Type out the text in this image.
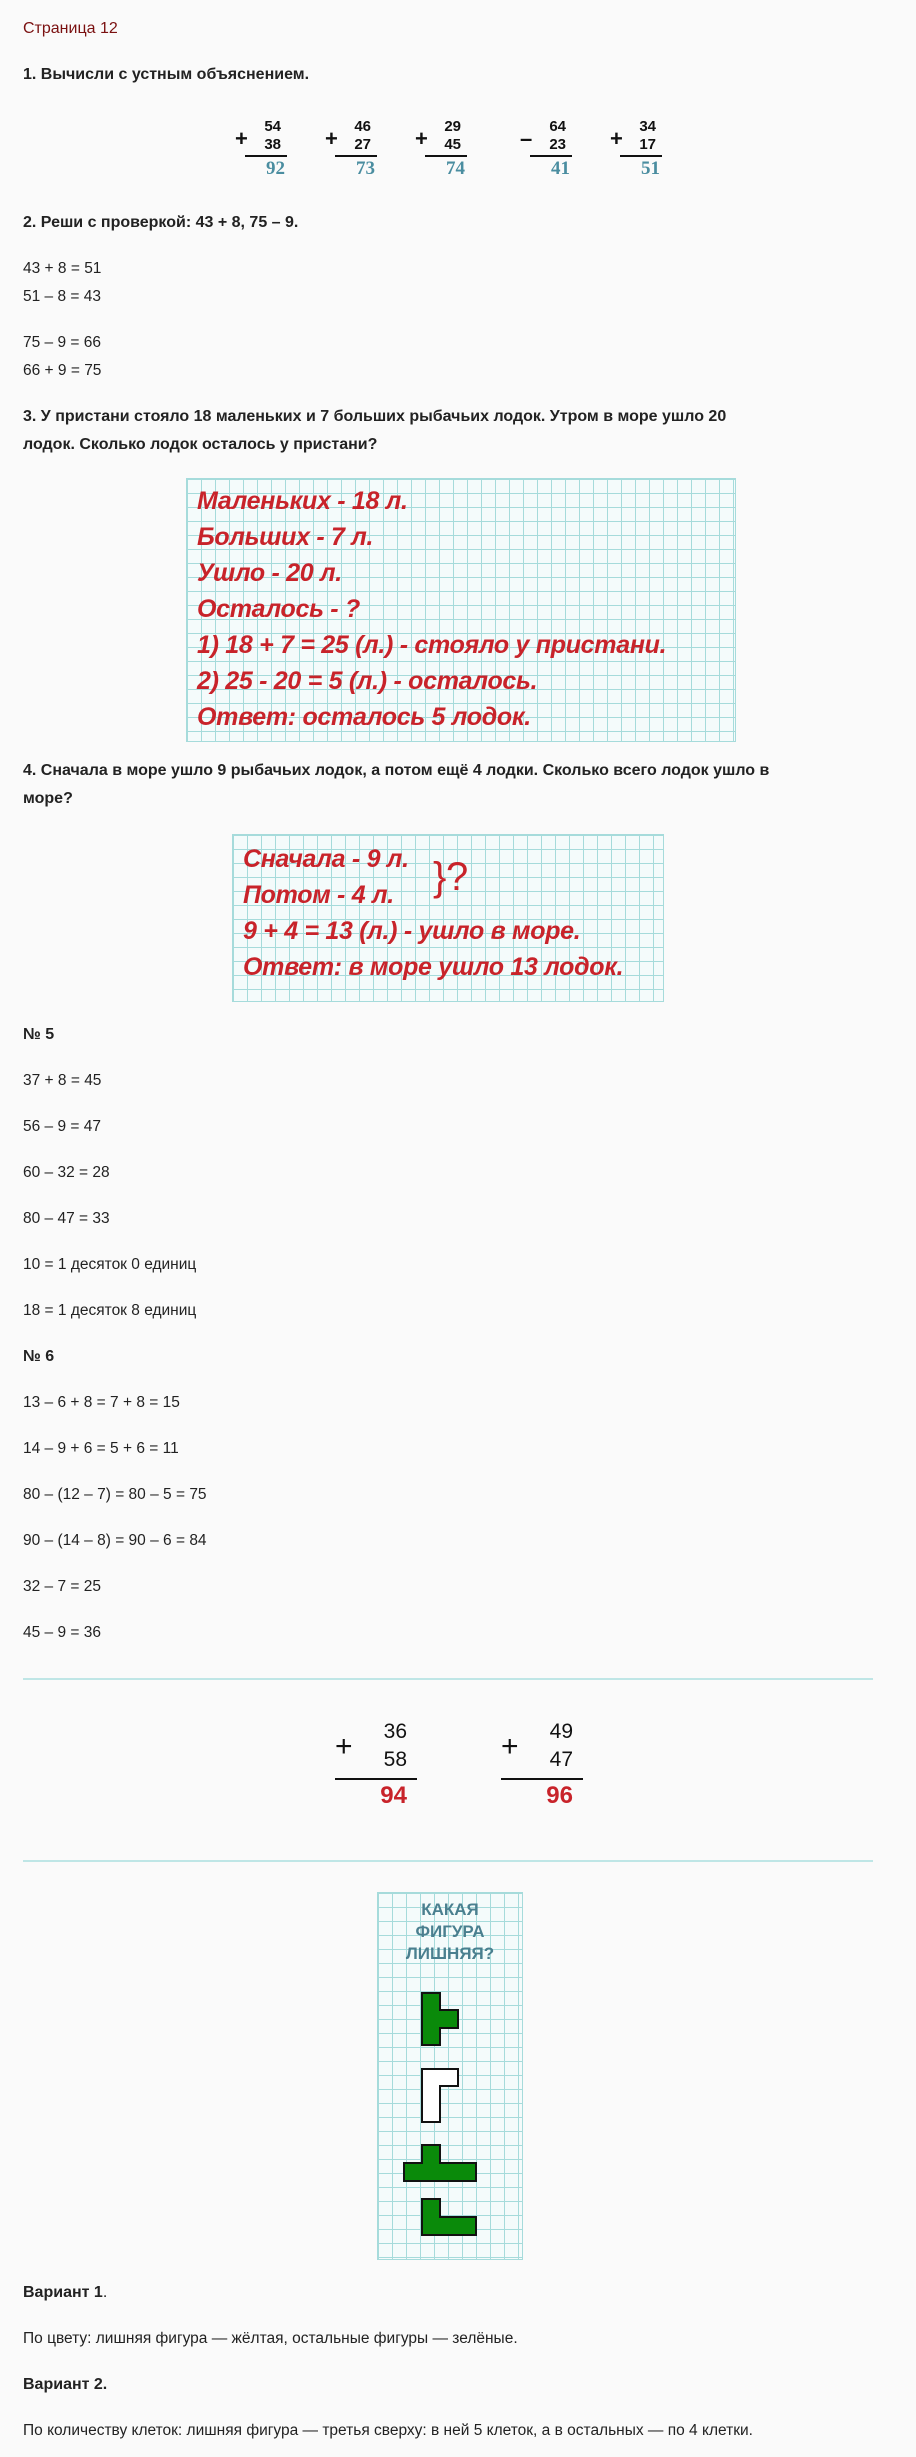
Страница 12
1. Вычисли с устным объяснением.
+ 54
38
92
+ 46
27
73
+ 29
45
74
– 64
23
41
+ 34
17
51
2. Реши с проверкой: 43 + 8, 75 – 9.
43 + 8 = 51
51 – 8 = 43
75 – 9 = 66
66 + 9 = 75
3. У пристани стояло 18 маленьких и 7 больших рыбачьих лодок. Утром в море ушло 20
лодок. Сколько лодок осталось у пристани?
Маленьких - 18 л.
Больших - 7 л.
Ушло - 20 л.
Осталось - ?
1) 18 + 7 = 25 (л.) - стояло у пристани.
2) 25 - 20 = 5 (л.) - осталось.
Ответ: осталось 5 лодок.
4. Сначала в море ушло 9 рыбачьих лодок, а потом ещё 4 лодки. Сколько всего лодок ушло в
море?
Сначала - 9 л.
Потом - 4 л. }?
9 + 4 = 13 (л.) - ушло в море.
Ответ: в море ушло 13 лодок.
№ 5
37 + 8 = 45
56 – 9 = 47
60 – 32 = 28
80 – 47 = 33
10 = 1 десяток 0 единиц
18 = 1 десяток 8 единиц
№ 6
13 – 6 + 8 = 7 + 8 = 15
14 – 9 + 6 = 5 + 6 = 11
80 – (12 – 7) = 80 – 5 = 75
90 – (14 – 8) = 90 – 6 = 84
32 – 7 = 25
45 – 9 = 36
+ 36
58
94
+ 49
47
96
КАКАЯ
ФИГУРА
ЛИШНЯЯ?
Вариант 1.
По цвету: лишняя фигура — жёлтая, остальные фигуры — зелёные.
Вариант 2.
По количеству клеток: лишняя фигура — третья сверху: в ней 5 клеток, а в остальных — по 4 клетки.
